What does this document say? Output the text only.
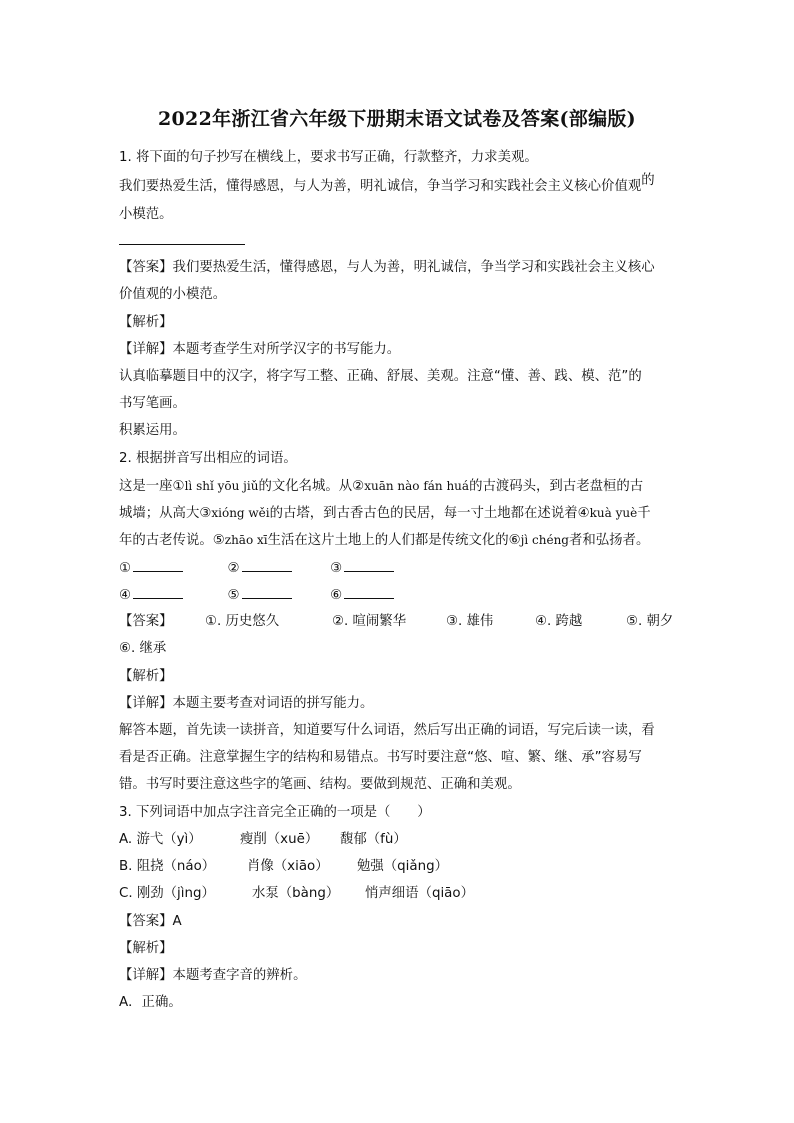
2022年浙江省六年级下册期末语文试卷及答案(部编版)
1. 将下面的句子抄写在横线上，要求书写正确，行款整齐，力求美观。
我们要热爱生活，懂得感恩，与人为善，明礼诚信，争当学习和实践社会主义核心价值观的
小模范。
【答案】我们要热爱生活，懂得感恩，与人为善，明礼诚信，争当学习和实践社会主义核心
价值观的小模范。
【解析】
【详解】本题考查学生对所学汉字的书写能力。
认真临摹题目中的汉字，将字写工整、正确、舒展、美观。注意“懂、善、践、模、范”的
书写笔画。
积累运用。
2. 根据拼音写出相应的词语。
这是一座①lì shǐ yōu jiǔ的文化名城。从②xuān nào fán huá的古渡码头，到古老盘桓的古
城墙；从高大③xióng wěi的古塔，到古香古色的民居，每一寸土地都在述说着④kuà yuè千
年的古老传说。⑤zhāo xī生活在这片土地上的人们都是传统文化的⑥jì chéng者和弘扬者。
①	②	③
④	⑤	⑥
【答案】 ①. 历史悠久	②. 喧闹繁华	③. 雄伟	④. 跨越	⑤. 朝夕
⑥. 继承
【解析】
【详解】本题主要考查对词语的拼写能力。
解答本题，首先读一读拼音，知道要写什么词语，然后写出正确的词语，写完后读一读，看
看是否正确。注意掌握生字的结构和易错点。书写时要注意“悠、喧、繁、继、承”容易写
错。书写时要注意这些字的笔画、结构。要做到规范、正确和美观。
3. 下列词语中加点字注音完全正确的一项是（　　）
A. 游弋（yì）	瘦削（xuē） 馥郁（fù）
B. 阻挠（náo） 肖像（xiāo） 勉强（qiǎng）
C. 刚劲（jìng）	水泵（bàng） 悄声细语（qiāo）
【答案】A
【解析】
【详解】本题考查字音的辨析。
A．正确。
